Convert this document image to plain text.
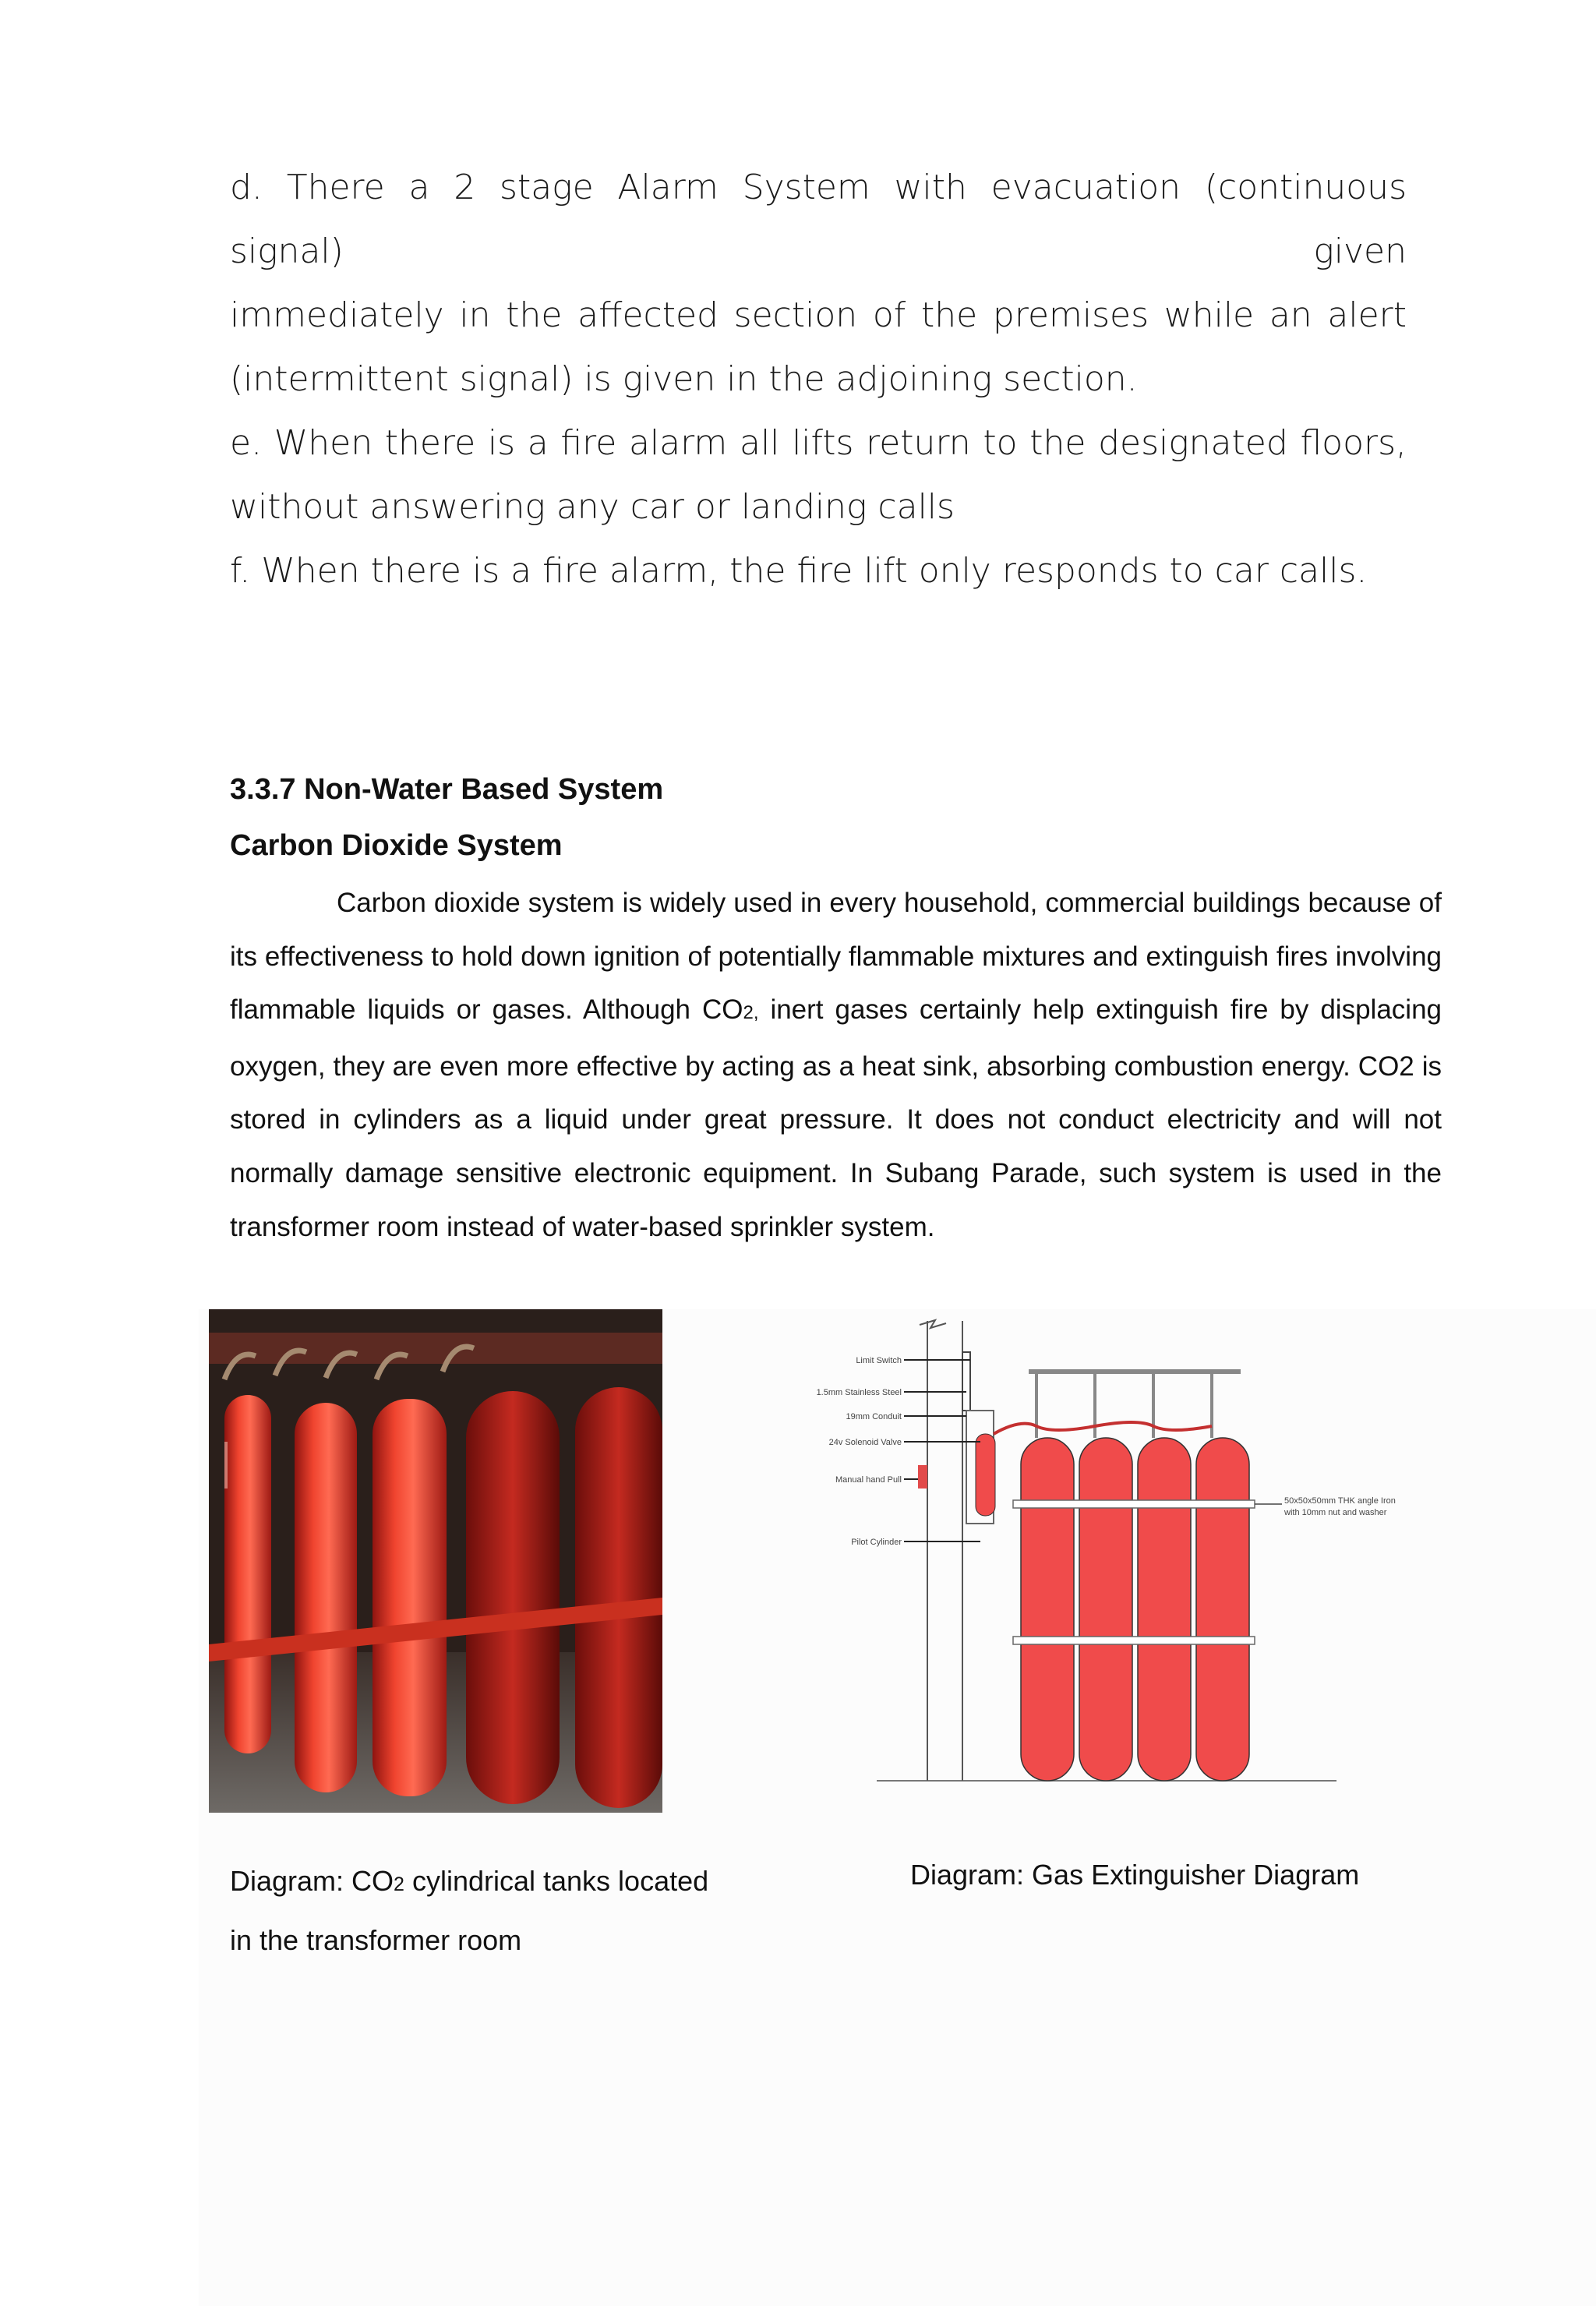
d. There a 2 stage Alarm System with evacuation (continuous signal) given

immediately in the affected section of the premises while an alert

(intermittent signal) is given in the adjoining section.

e. When there is a fire alarm all lifts return to the designated floors,

without answering any car or landing calls

f. When there is a fire alarm, the fire lift only responds to car calls.

3.3.7 Non-Water Based System
Carbon Dioxide System
Carbon dioxide system is widely used in every household, commercial buildings because of its effectiveness to hold down ignition of potentially flammable mixtures and extinguish fires involving flammable liquids or gases. Although CO2, inert gases certainly help extinguish fire by displacing oxygen, they are even more effective by acting as a heat sink, absorbing combustion energy. CO2 is stored in cylinders as a liquid under great pressure. It does not conduct electricity and will not normally damage sensitive electronic equipment. In Subang Parade, such system is used in the transformer room instead of water-based sprinkler system.
Limit Switch
1.5mm Stainless Steel
19mm Conduit
24v Solenoid Valve
Manual hand Pull
Pilot Cylinder
50x50x50mm THK angle Iron
with 10mm nut and washer
Diagram: CO2 cylindrical tanks located
in the transformer room
Diagram: Gas Extinguisher Diagram
